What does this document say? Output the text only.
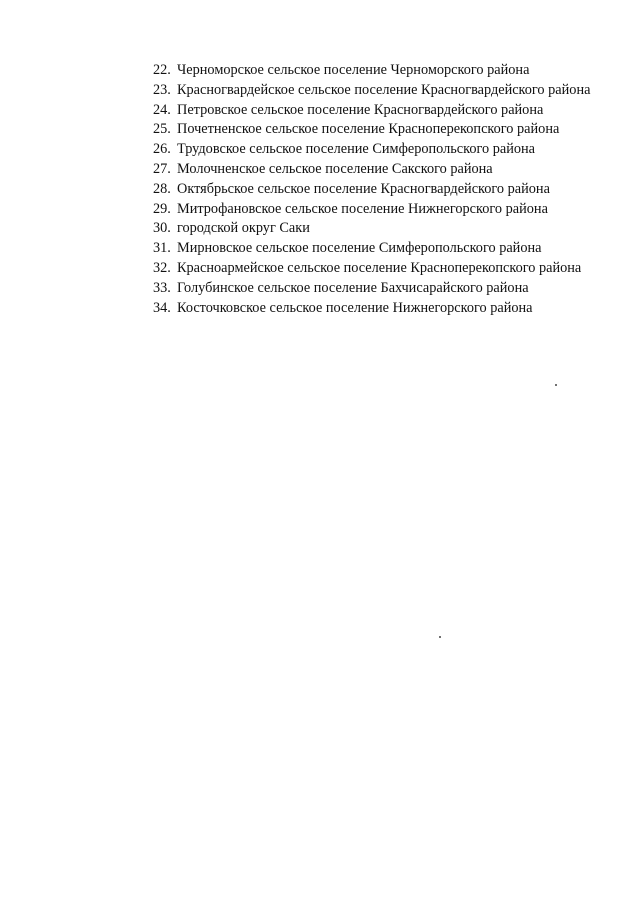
22. Черноморское сельское поселение Черноморского района
23. Красногвардейское сельское поселение Красногвардейского района
24. Петровское сельское поселение Красногвардейского района
25. Почетненское сельское поселение Красноперекопского района
26. Трудовское сельское поселение Симферопольского района
27. Молочненское сельское поселение Сакского района
28. Октябрьское сельское поселение Красногвардейского района
29. Митрофановское сельское поселение Нижнегорского района
30. городской округ Саки
31. Мирновское сельское поселение Симферопольского района
32. Красноармейское сельское поселение Красноперекопского района
33. Голубинское сельское поселение Бахчисарайского района
34. Косточковское сельское поселение Нижнегорского района
